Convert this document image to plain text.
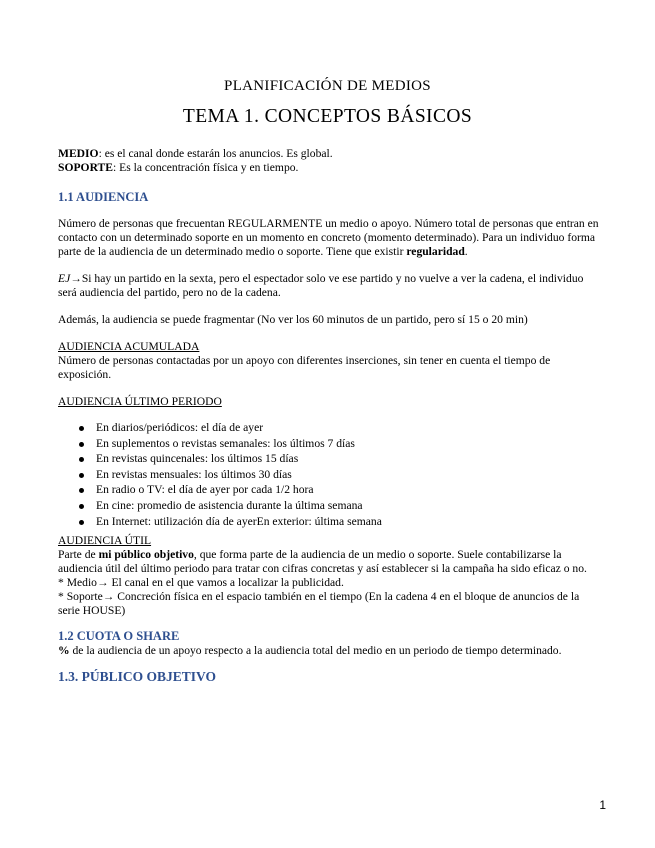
PLANIFICACIÓN DE MEDIOS
TEMA 1. CONCEPTOS BÁSICOS
MEDIO: es el canal donde estarán los anuncios. Es global.
SOPORTE: Es la concentración física y en tiempo.
1.1 AUDIENCIA
Número de personas que frecuentan REGULARMENTE un medio o apoyo. Número total de personas que entran en contacto con un determinado soporte en un momento en concreto (momento determinado). Para un individuo forma parte de la audiencia de un determinado medio o soporte. Tiene que existir regularidad.
EJ→Si hay un partido en la sexta, pero el espectador solo ve ese partido y no vuelve a ver la cadena, el individuo será audiencia del partido, pero no de la cadena.
Además, la audiencia se puede fragmentar (No ver los 60 minutos de un partido, pero sí 15 o 20 min)
AUDIENCIA ACUMULADA
Número de personas contactadas por un apoyo con diferentes inserciones, sin tener en cuenta el tiempo de exposición.
AUDIENCIA ÚLTIMO PERIODO
En diarios/periódicos: el día de ayer
En suplementos o revistas semanales: los últimos 7 días
En revistas quincenales: los últimos 15 días
En revistas mensuales: los últimos 30 días
En radio o TV: el día de ayer por cada 1/2 hora
En cine: promedio de asistencia durante la última semana
En Internet: utilización día de ayerEn exterior: última semana
AUDIENCIA ÚTIL
Parte de mi público objetivo, que forma parte de la audiencia de un medio o soporte. Suele contabilizarse la audiencia útil del último periodo para tratar con cifras concretas y así establecer si la campaña ha sido eficaz o no.
* Medio→ El canal en el que vamos a localizar la publicidad.
* Soporte→ Concreción física en el espacio también en el tiempo (En la cadena 4 en el bloque de anuncios de la serie HOUSE)
1.2 CUOTA O SHARE
% de la audiencia de un apoyo respecto a la audiencia total del medio en un periodo de tiempo determinado.
1.3. PÚBLICO OBJETIVO
1
